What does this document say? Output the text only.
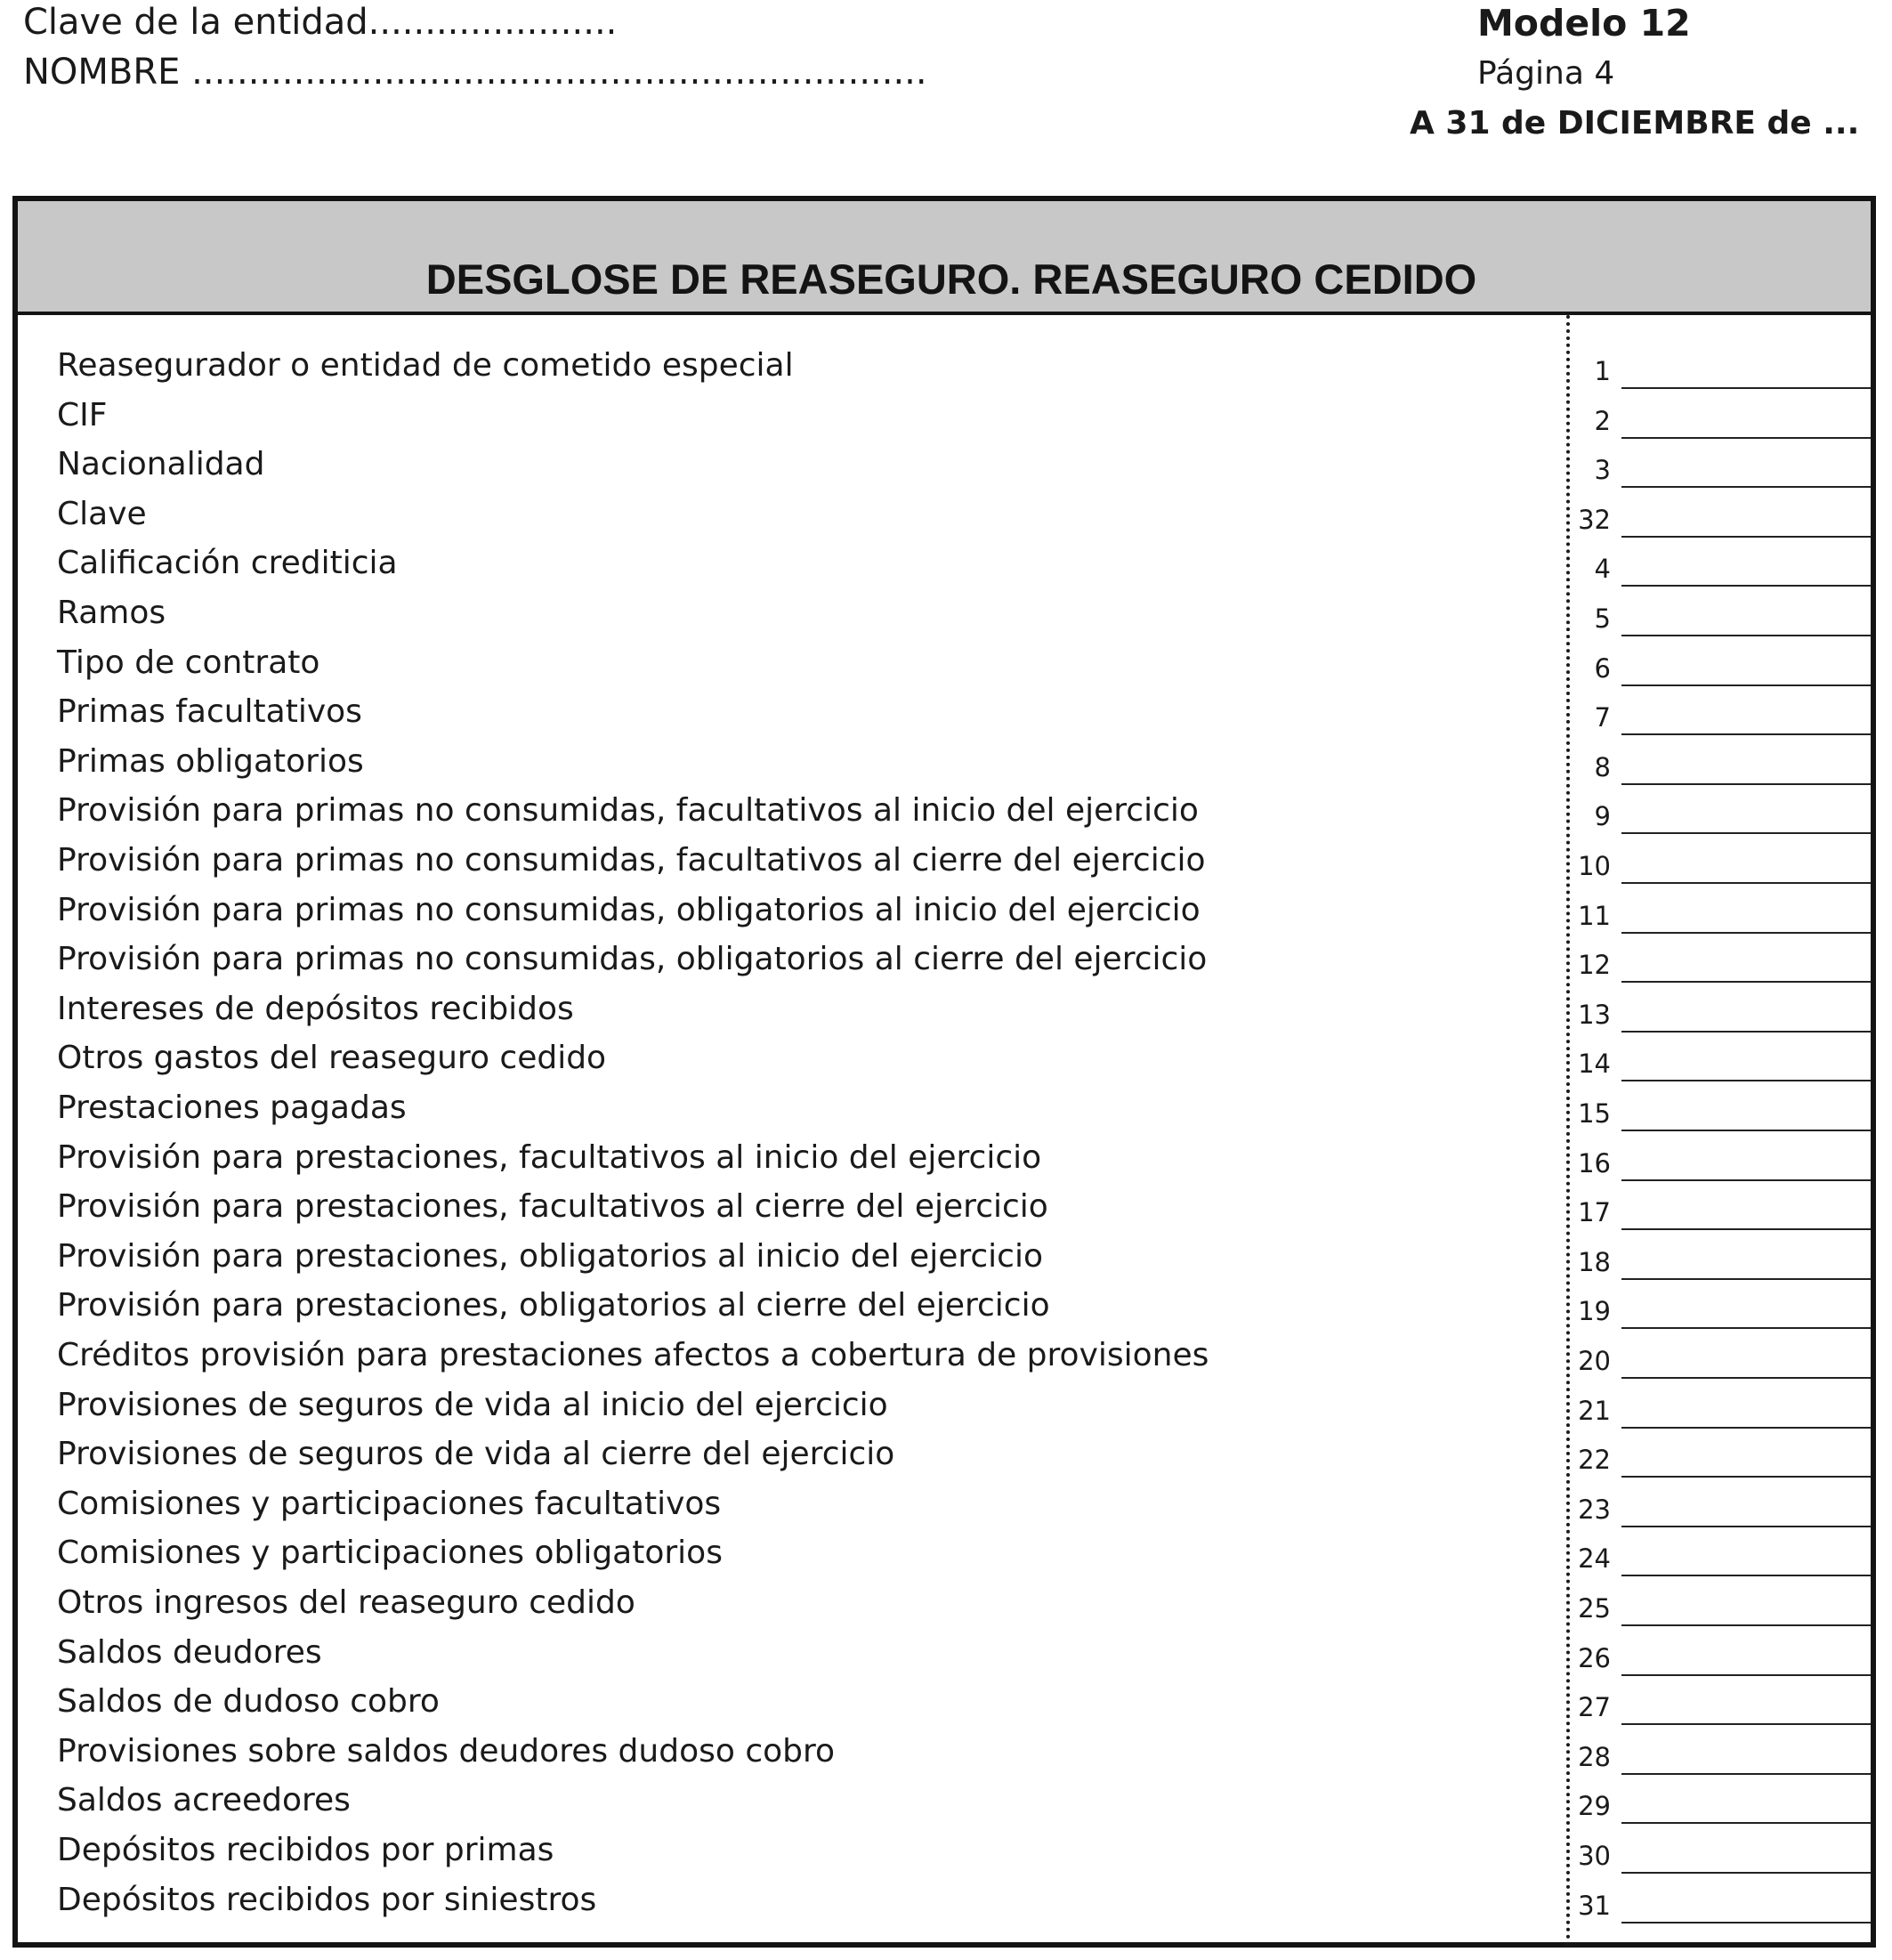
Clave de la entidad......................
NOMBRE .................................................................
Modelo 12
Página 4
A 31 de DICIEMBRE de ...
DESGLOSE DE REASEGURO. REASEGURO CEDIDO
Reasegurador o entidad de cometido especial	1
CIF	2
Nacionalidad	3
Clave	32
Calificación crediticia	4
Ramos	5
Tipo de contrato	6
Primas facultativos	7
Primas obligatorios	8
Provisión para primas no consumidas, facultativos al inicio del ejercicio	9
Provisión para primas no consumidas, facultativos al cierre del ejercicio	10
Provisión para primas no consumidas, obligatorios al inicio del ejercicio	11
Provisión para primas no consumidas, obligatorios al cierre del ejercicio	12
Intereses de depósitos recibidos	13
Otros gastos del reaseguro cedido	14
Prestaciones pagadas	15
Provisión para prestaciones, facultativos al inicio del ejercicio	16
Provisión para prestaciones, facultativos al cierre del ejercicio	17
Provisión para prestaciones, obligatorios al inicio del ejercicio	18
Provisión para prestaciones, obligatorios al cierre del ejercicio	19
Créditos provisión para prestaciones afectos a cobertura de provisiones	20
Provisiones de seguros de vida al inicio del ejercicio	21
Provisiones de seguros de vida al cierre del ejercicio	22
Comisiones y participaciones facultativos	23
Comisiones y participaciones obligatorios	24
Otros ingresos del reaseguro cedido	25
Saldos deudores	26
Saldos de dudoso cobro	27
Provisiones sobre saldos deudores dudoso cobro	28
Saldos acreedores	29
Depósitos recibidos por primas	30
Depósitos recibidos por siniestros	31
